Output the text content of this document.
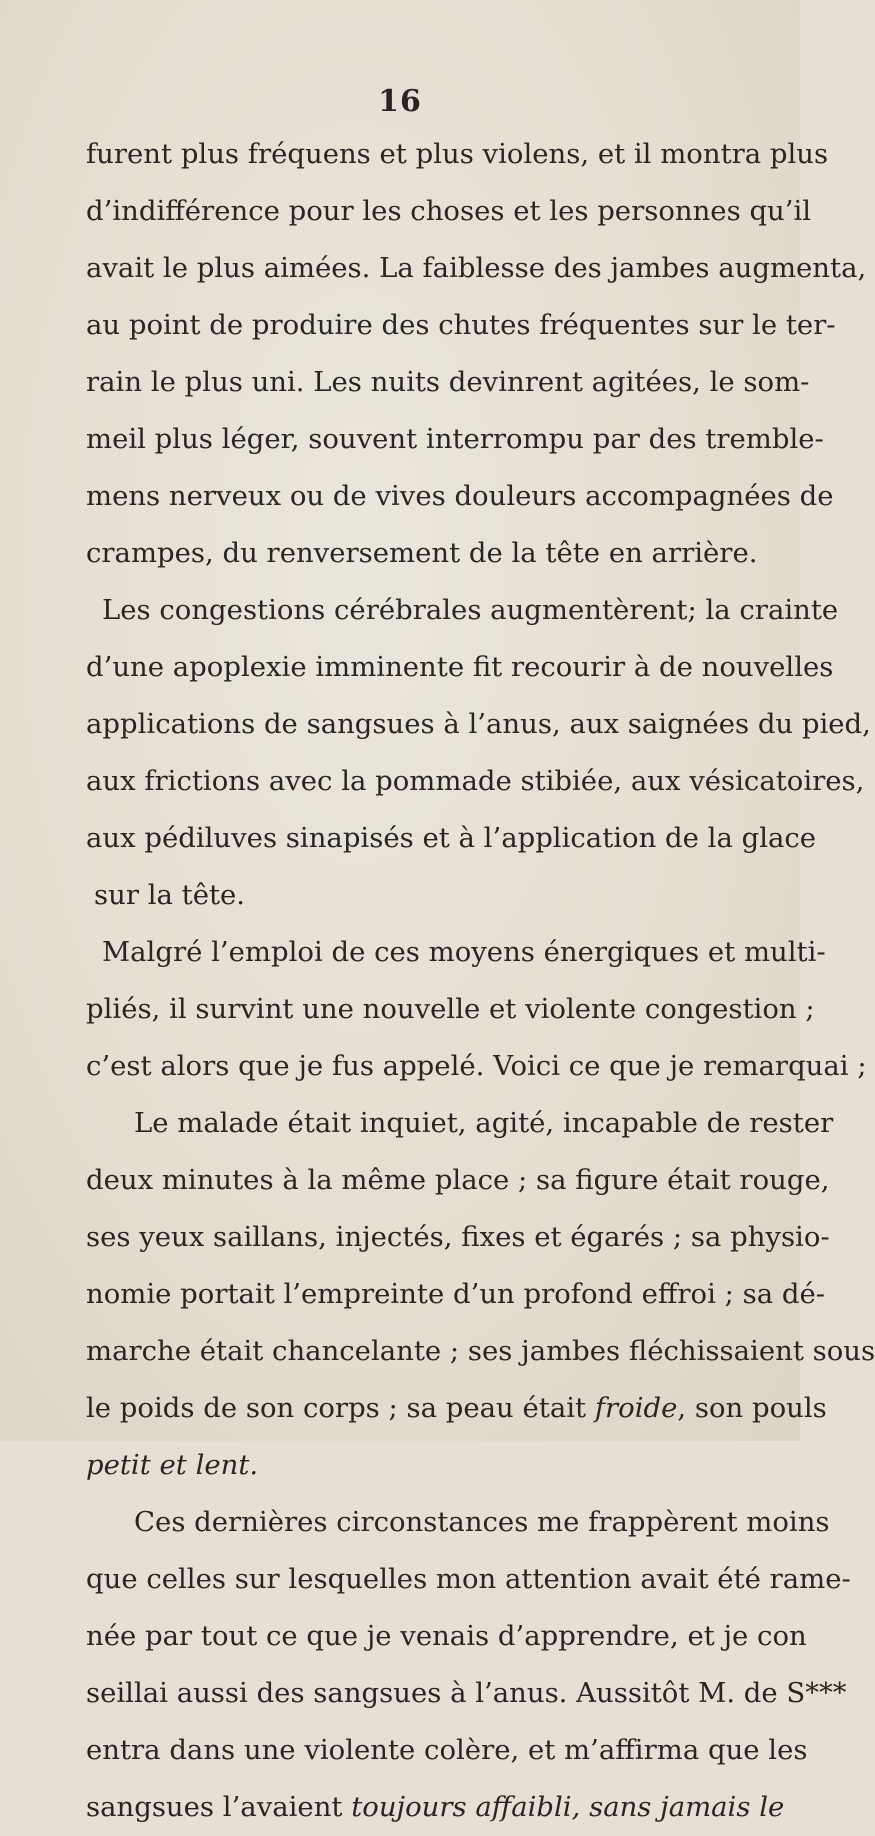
16
furent plus fréquens et plus violens, et il montra plus
d’indifférence pour les choses et les personnes qu’il
avait le plus aimées. La faiblesse des jambes augmenta,
au point de produire des chutes fréquentes sur le ter-
rain le plus uni. Les nuits devinrent agitées, le som-
meil plus léger, souvent interrompu par des tremble-
mens nerveux ou de vives douleurs accompagnées de
crampes, du renversement de la tête en arrière.
Les congestions cérébrales augmentèrent; la crainte
d’une apoplexie imminente fit recourir à de nouvelles
applications de sangsues à l’anus, aux saignées du pied,
aux frictions avec la pommade stibiée, aux vésicatoires,
aux pédiluves sinapisés et à l’application de la glace
sur la tête.
Malgré l’emploi de ces moyens énergiques et multi-
pliés, il survint une nouvelle et violente congestion ;
c’est alors que je fus appelé. Voici ce que je remarquai ;
Le malade était inquiet, agité, incapable de rester
deux minutes à la même place ; sa figure était rouge,
ses yeux saillans, injectés, fixes et égarés ; sa physio-
nomie portait l’empreinte d’un profond effroi ; sa dé-
marche était chancelante ; ses jambes fléchissaient sous
le poids de son corps ; sa peau était froide, son pouls
petit et lent.
Ces dernières circonstances me frappèrent moins
que celles sur lesquelles mon attention avait été rame-
née par tout ce que je venais d’apprendre, et je con
seillai aussi des sangsues à l’anus. Aussitôt M. de S***
entra dans une violente colère, et m’affirma que les
sangsues l’avaient toujours affaibli, sans jamais le
